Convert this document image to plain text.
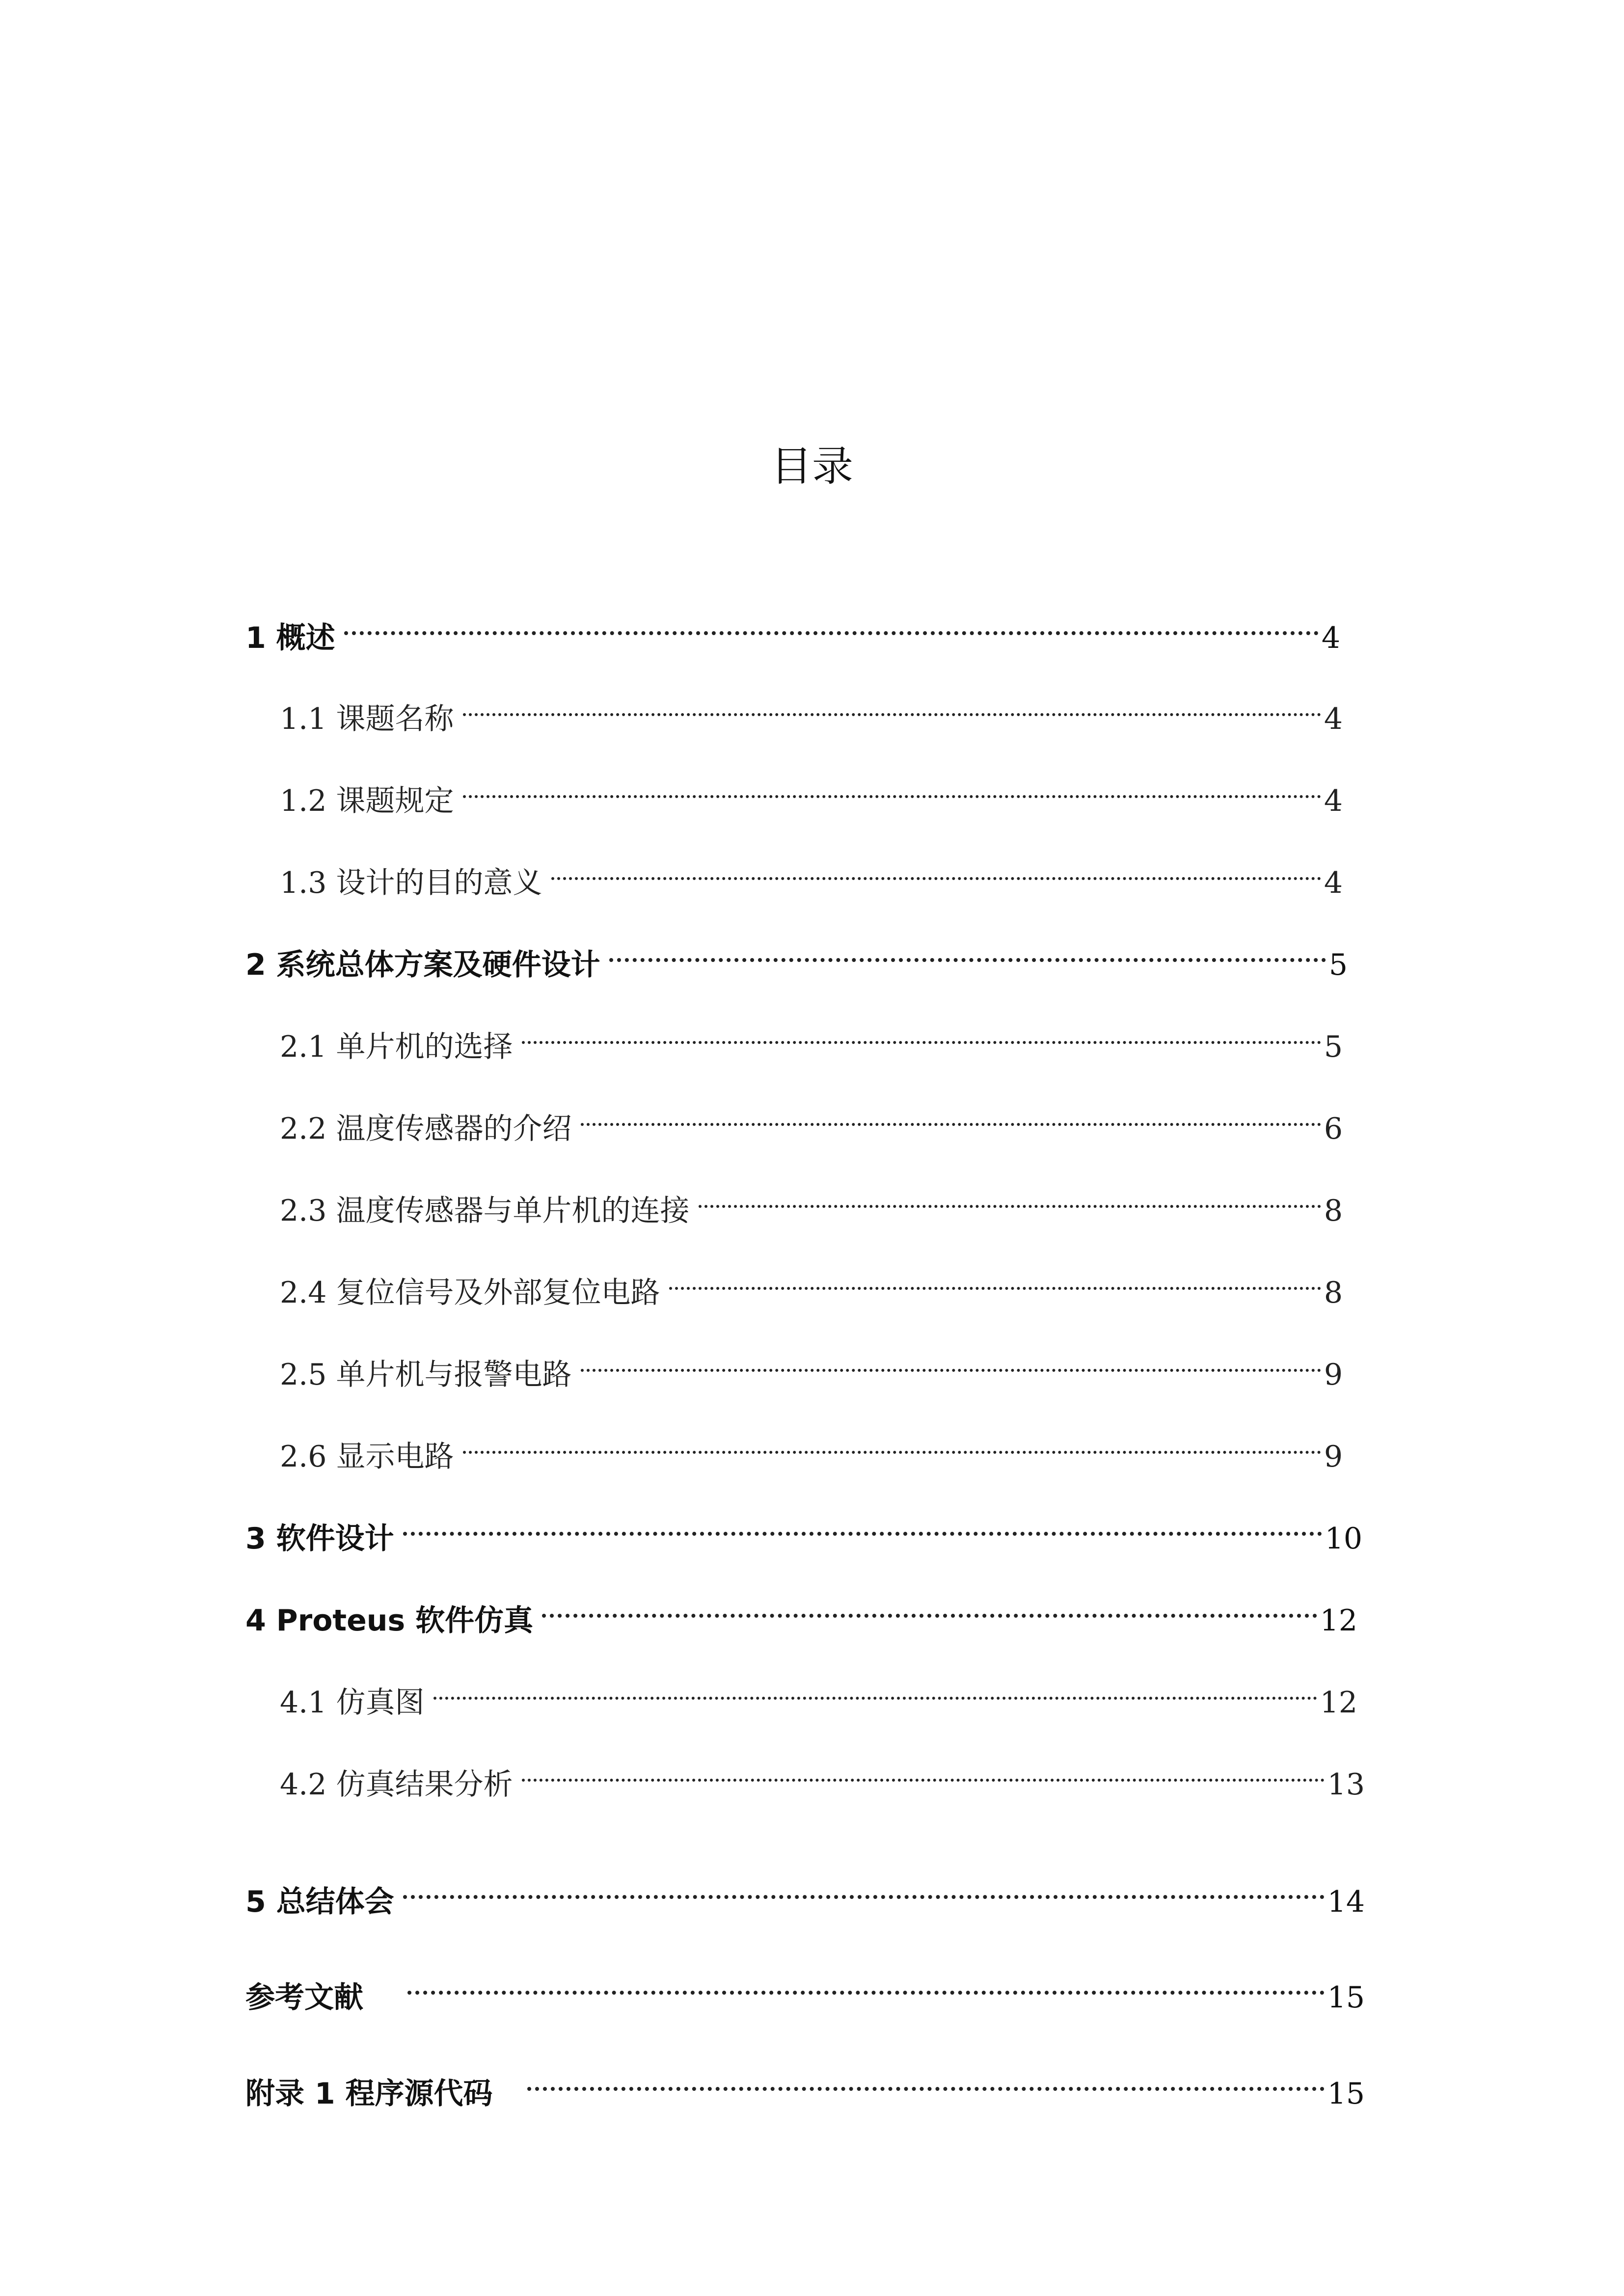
目录
1 概述	4
1.1 课题名称	4
1.2 课题规定	4
1.3 设计的目的意义	4
2 系统总体方案及硬件设计	5
2.1 单片机的选择	5
2.2 温度传感器的介绍	6
2.3 温度传感器与单片机的连接	8
2.4 复位信号及外部复位电路	8
2.5 单片机与报警电路	9
2.6 显示电路	9
3 软件设计	10
4 Proteus 软件仿真	12
4.1 仿真图	12
4.2 仿真结果分析	13
5 总结体会	14
参考文献	15
附录 1 程序源代码	15
